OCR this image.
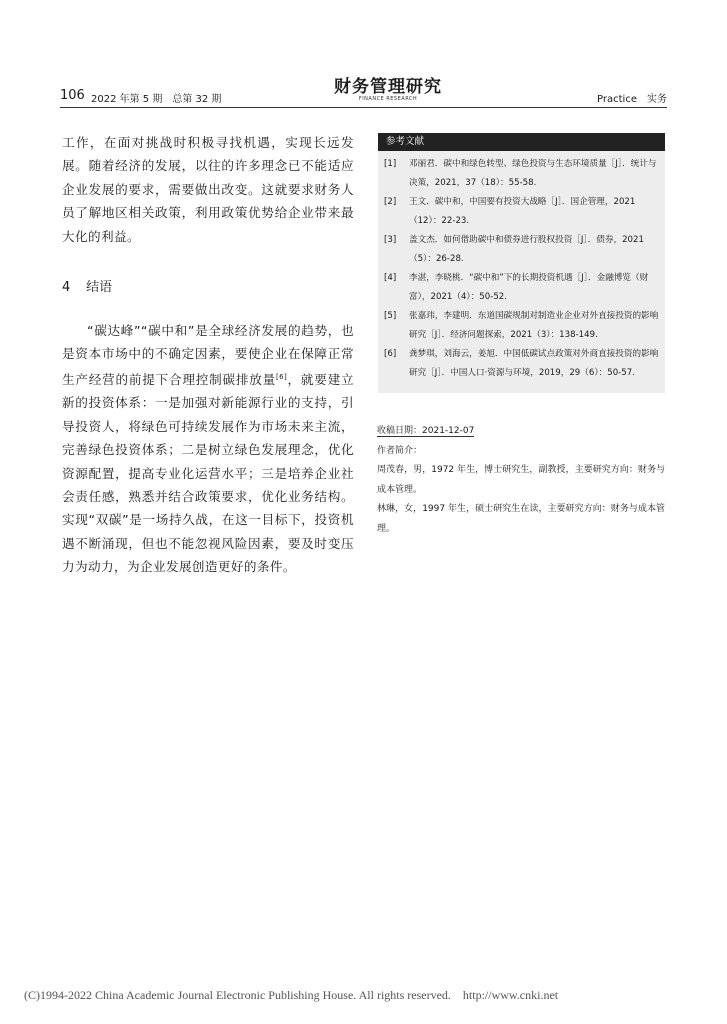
106 2022 年第 5 期　总第 32 期
财务管理研究
FINANCE RESEARCH	Practice　实务

工作，在面对挑战时积极寻找机遇，实现长远发展。随着经济的发展，以往的许多理念已不能适应企业发展的要求，需要做出改变。这就要求财务人员了解地区相关政策，利用政策优势给企业带来最大化的利益。

4 结语

“碳达峰”“碳中和”是全球经济发展的趋势，也是资本市场中的不确定因素，要使企业在保障正常生产经营的前提下合理控制碳排放量[6]，就要建立新的投资体系：一是加强对新能源行业的支持，引导投资人，将绿色可持续发展作为市场未来主流，完善绿色投资体系；二是树立绿色发展理念，优化资源配置，提高专业化运营水平；三是培养企业社会责任感，熟悉并结合政策要求，优化业务结构。实现“双碳”是一场持久战，在这一目标下，投资机遇不断涌现，但也不能忽视风险因素，要及时变压力为动力，为企业发展创造更好的条件。

参考文献
[1]	邓丽君．碳中和绿色转型、绿色投资与生态环境质量［J］．统计与决策，2021，37（18）：55-58.
[2]	王文．碳中和，中国要有投资大战略［J］．国企管理，2021（12）：22-23.
[3]	盖文杰．如何借助碳中和债券进行股权投资［J］．债券，2021（5）：26-28.
[4]	李湛，李晓桃．“碳中和”下的长期投资机遇［J］．金融博览（财富），2021（4）：50-52.
[5]	张嘉玮，李建明．东道国碳规制对制造业企业对外直接投资的影响研究［J］．经济问题探索，2021（3）：138-149.
[6]	龚梦琪，刘海云，姜旭．中国低碳试点政策对外商直接投资的影响研究［J］．中国人口·资源与环境，2019，29（6）：50-57.

收稿日期：2021-12-07

作者简介：

周茂春，男，1972 年生，博士研究生，副教授，主要研究方向：财务与成本管理。

林琳，女，1997 年生，硕士研究生在读，主要研究方向：财务与成本管理。

(C)1994-2022 China Academic Journal Electronic Publishing House. All rights reserved. http://www.cnki.net
